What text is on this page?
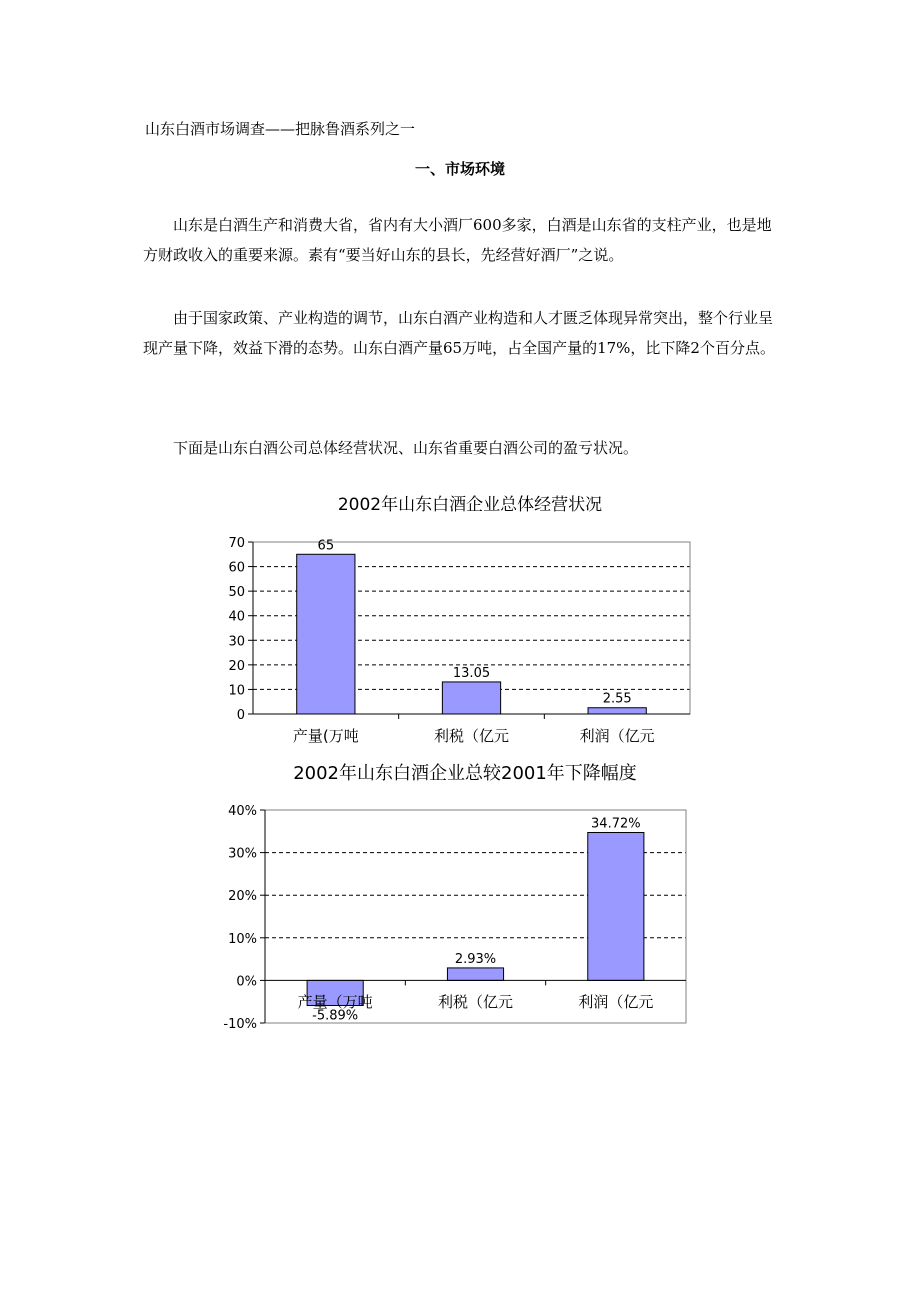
山东白酒市场调查——把脉鲁酒系列之一
一、市场环境

山东是白酒生产和消费大省，省内有大小酒厂600多家，白酒是山东省的支柱产业，也是地方财政收入的重要来源。素有“要当好山东的县长，先经营好酒厂”之说。

由于国家政策、产业构造的调节，山东白酒产业构造和人才匮乏体现异常突出，整个行业呈现产量下降，效益下滑的态势。山东白酒产量65万吨，占全国产量的17%，比下降2个百分点。

下面是山东白酒公司总体经营状况、山东省重要白酒公司的盈亏状况。

2002年山东白酒企业总体经营状况
0
10
20
30
40
50
60
70	65
产量(万吨
13.05
利税（亿元
2.55
利润（亿元
2002年山东白酒企业总较2001年下降幅度
-10%
0%
10%
20%
30%
40%
-5.89%
产量（万吨
2.93%
利税（亿元
34.72%
利润（亿元
